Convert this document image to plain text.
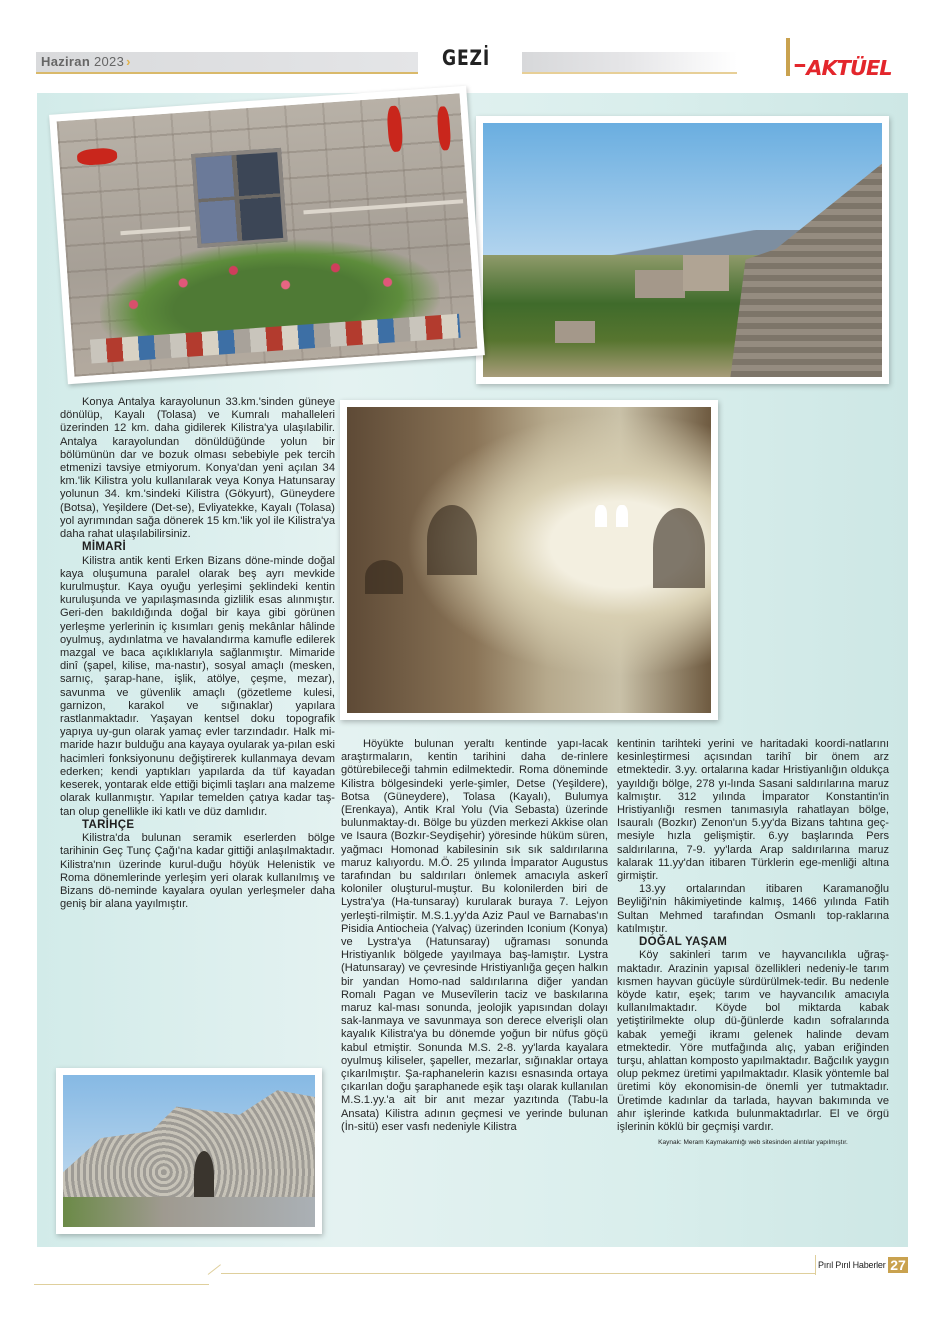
Haziran 2023 ›	GEZİ	AKTÜEL

Konya Antalya karayolunun 33.km.'sinden güneye dönülüp, Kayalı (Tolasa) ve Kumralı mahalleleri üzerinden 12 km. daha gidilerek Kilistra'ya ulaşılabilir. Antalya karayolundan dönüldüğünde yolun bir bölümünün dar ve bozuk olması sebebiyle pek tercih etmenizi tavsiye etmiyorum. Konya'dan yeni açılan 34 km.'lik Kilistra yolu kullanılarak veya Konya Hatunsaray yolunun 34. km.'sindeki Kilistra (Gökyurt), Güneydere (Botsa), Yeşildere (Det-se), Evliyatekke, Kayalı (Tolasa) yol ayrımından sağa dönerek 15 km.'lik yol ile Kilistra'ya daha rahat ulaşılabilirsiniz.

MİMARİ

Kilistra antik kenti Erken Bizans döne-minde doğal kaya oluşumuna paralel olarak beş ayrı mevkide kurulmuştur. Kaya oyuğu yerleşimi şeklindeki kentin kuruluşunda ve yapılaşmasında gizlilik esas alınmıştır. Geri-den bakıldığında doğal bir kaya gibi görünen yerleşme yerlerinin iç kısımları geniş mekânlar hâlinde oyulmuş, aydınlatma ve havalandırma kamufle edilerek mazgal ve baca açıklıklarıyla sağlanmıştır. Mimaride dinî (şapel, kilise, ma-nastır), sosyal amaçlı (mesken, sarnıç, şarap-hane, işlik, atölye, çeşme, mezar), savunma ve güvenlik amaçlı (gözetleme kulesi, garnizon, karakol ve sığınaklar) yapılara rastlanmaktadır. Yaşayan kentsel doku topografik yapıya uy-gun olarak yamaç evler tarzındadır. Halk mi-maride hazır bulduğu ana kayaya oyularak ya-pılan eski hacimleri fonksiyonunu değiştirerek kullanmaya devam ederken; kendi yaptıkları yapılarda da tüf kayadan keserek, yontarak elde ettiği biçimli taşları ana malzeme olarak kullanmıştır. Yapılar temelden çatıya kadar taş-tan olup genellikle iki katlı ve düz damlıdır.

TARİHÇE

Kilistra'da bulunan seramik eserlerden bölge tarihinin Geç Tunç Çağı'na kadar gittiği anlaşılmaktadır. Kilistra'nın üzerinde kurul-duğu höyük Helenistik ve Roma dönemlerinde yerleşim yeri olarak kullanılmış ve Bizans dö-neminde kayalara oyulan yerleşmeler daha geniş bir alana yayılmıştır.

Höyükte bulunan yeraltı kentinde yapı-lacak araştırmaların, kentin tarihini daha de-rinlere götürebileceği tahmin edilmektedir. Roma döneminde Kilistra bölgesindeki yerle-şimler, Detse (Yeşildere), Botsa (Güneydere), Tolasa (Kayalı), Bulumya (Erenkaya), Antik Kral Yolu (Via Sebasta) üzerinde bulunmaktay-dı. Bölge bu yüzden merkezi Akkise olan ve Isaura (Bozkır-Seydişehir) yöresinde hüküm süren, yağmacı Homonad kabilesinin sık sık saldırılarına maruz kalıyordu. M.Ö. 25 yılında İmparator Augustus tarafından bu saldırıları önlemek amacıyla askerî koloniler oluşturul-muştur. Bu kolonilerden biri de Lystra'ya (Ha-tunsaray) kurularak buraya 7. Lejyon yerleşti-rilmiştir. M.S.1.yy'da Aziz Paul ve Barnabas'ın Pisidia Antiocheia (Yalvaç) üzerinden Iconium (Konya) ve Lystra'ya (Hatunsaray) uğraması sonunda Hristiyanlık bölgede yayılmaya baş-lamıştır. Lystra (Hatunsaray) ve çevresinde Hristiyanlığa geçen halkın bir yandan Homo-nad saldırılarına diğer yandan Romalı Pagan ve Musevîlerin taciz ve baskılarına maruz kal-ması sonunda, jeolojik yapısından dolayı sak-lanmaya ve savunmaya son derece elverişli olan kayalık Kilistra'ya bu dönemde yoğun bir nüfus göçü kabul etmiştir. Sonunda M.S. 2-8. yy'larda kayalara oyulmuş kiliseler, şapeller, mezarlar, sığınaklar ortaya çıkarılmıştır. Şa-raphanelerin kazısı esnasında ortaya çıkarılan doğu şaraphanede eşik taşı olarak kullanılan M.S.1.yy.'a ait bir anıt mezar yazıtında (Tabu-la Ansata) Kilistra adının geçmesi ve yerinde bulunan (İn-sitü) eser vasfı nedeniyle Kilistra

kentinin tarihteki yerini ve haritadaki koordi-natlarını kesinleştirmesi açısından tarihî bir önem arz etmektedir. 3.yy. ortalarına kadar Hristiyanlığın oldukça yayıldığı bölge, 278 yı-lında Sasani saldırılarına maruz kalmıştır. 312 yılında İmparator Konstantin'in Hristiyanlığı resmen tanımasıyla rahatlayan bölge, Isauralı (Bozkır) Zenon'un 5.yy'da Bizans tahtına geç-mesiyle hızla gelişmiştir. 6.yy başlarında Pers saldırılarına, 7-9. yy'larda Arap saldırılarına maruz kalarak 11.yy'dan itibaren Türklerin ege-menliği altına girmiştir.

13.yy ortalarından itibaren Karamanoğlu Beyliği'nin hâkimiyetinde kalmış, 1466 yılında Fatih Sultan Mehmed tarafından Osmanlı top-raklarına katılmıştır.

DOĞAL YAŞAM

Köy sakinleri tarım ve hayvancılıkla uğraş-maktadır. Arazinin yapısal özellikleri nedeniy-le tarım kısmen hayvan gücüyle sürdürülmek-tedir. Bu nedenle köyde katır, eşek; tarım ve hayvancılık amacıyla kullanılmaktadır. Köyde bol miktarda kabak yetiştirilmekte olup dü-ğünlerde kadın sofralarında kabak yemeği ikramı gelenek halinde devam etmektedir. Yöre mutfağında alıç, yaban eriğinden turşu, ahlattan komposto yapılmaktadır. Bağcılık yaygın olup pekmez üretimi yapılmaktadır. Klasik yöntemle bal üretimi köy ekonomisin-de önemli yer tutmaktadır. Üretimde kadınlar da tarlada, hayvan bakımında ve ahır işlerinde katkıda bulunmaktadırlar. El ve örgü işlerinin köklü bir geçmişi vardır.

Kaynak: Meram Kaymakamlığı web sitesinden alıntılar yapılmıştır.

Pırıl Pırıl Haberler 27
